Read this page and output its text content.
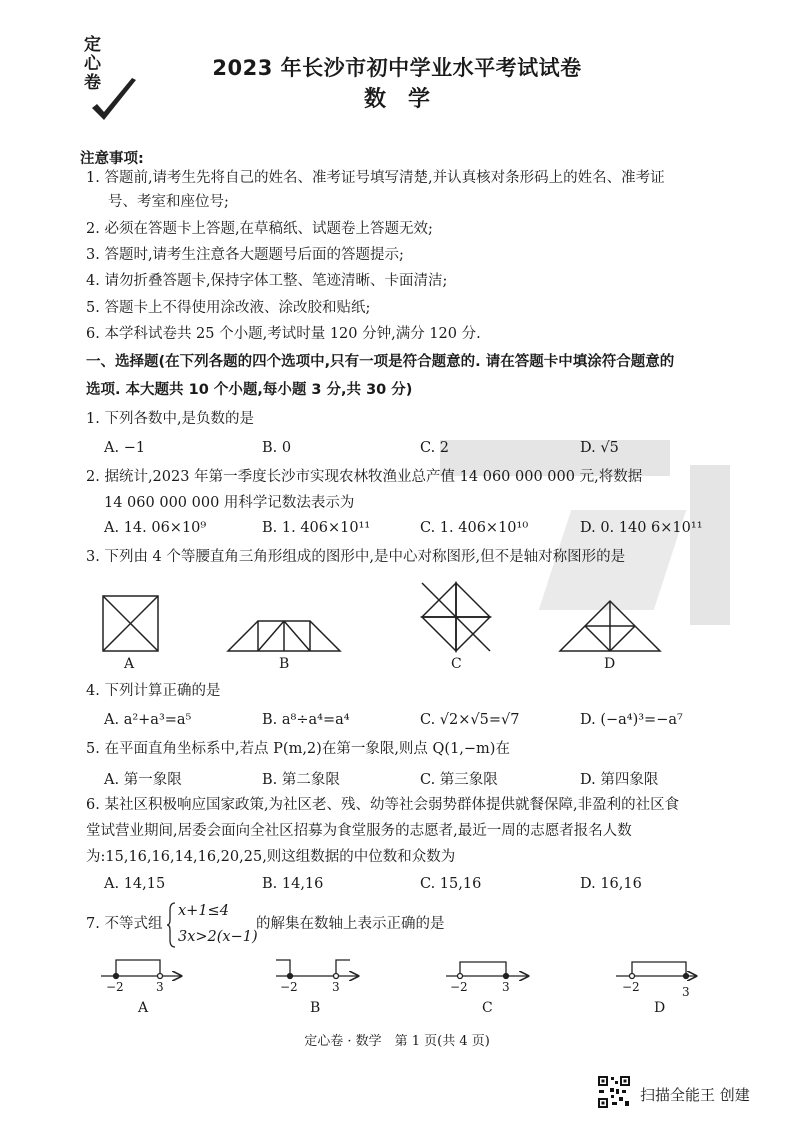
定
心
卷
2023 年长沙市初中学业水平考试试卷
数学
注意事项:
1. 答题前,请考生先将自己的姓名、准考证号填写清楚,并认真核对条形码上的姓名、准考证
号、考室和座位号;
2. 必须在答题卡上答题,在草稿纸、试题卷上答题无效;
3. 答题时,请考生注意各大题题号后面的答题提示;
4. 请勿折叠答题卡,保持字体工整、笔迹清晰、卡面清洁;
5. 答题卡上不得使用涂改液、涂改胶和贴纸;
6. 本学科试卷共 25 个小题,考试时量 120 分钟,满分 120 分.
一、选择题(在下列各题的四个选项中,只有一项是符合题意的. 请在答题卡中填涂符合题意的
选项. 本大题共 10 个小题,每小题 3 分,共 30 分)
1. 下列各数中,是负数的是
A. −1	B. 0	C. 2	D. √5
2. 据统计,2023 年第一季度长沙市实现农林牧渔业总产值 14 060 000 000 元,将数据
14 060 000 000 用科学记数法表示为
A. 14. 06×10⁹	B. 1. 406×10¹¹	C. 1. 406×10¹⁰	D. 0. 140 6×10¹¹
3. 下列由 4 个等腰直角三角形组成的图形中,是中心对称图形,但不是轴对称图形的是
A	B	C	D
4. 下列计算正确的是
A. a²+a³=a⁵	B. a⁸÷a⁴=a⁴	C. √2×√5=√7	D. (−a⁴)³=−a⁷
5. 在平面直角坐标系中,若点 P(m,2)在第一象限,则点 Q(1,−m)在
A. 第一象限	B. 第二象限	C. 第三象限	D. 第四象限
6. 某社区积极响应国家政策,为社区老、残、幼等社会弱势群体提供就餐保障,非盈利的社区食
堂试营业期间,居委会面向全社区招募为食堂服务的志愿者,最近一周的志愿者报名人数
为:15,16,16,14,16,20,25,则这组数据的中位数和众数为
A. 14,15	B. 14,16	C. 15,16	D. 16,16
7. 不等式组
x+1≤4
3x>2(x−1)
的解集在数轴上表示正确的是
−2	3	−2	3	−2	3	−2	3
A	B	C	D
定心卷 · 数学　第 1 页(共 4 页)
扫描全能王 创建
